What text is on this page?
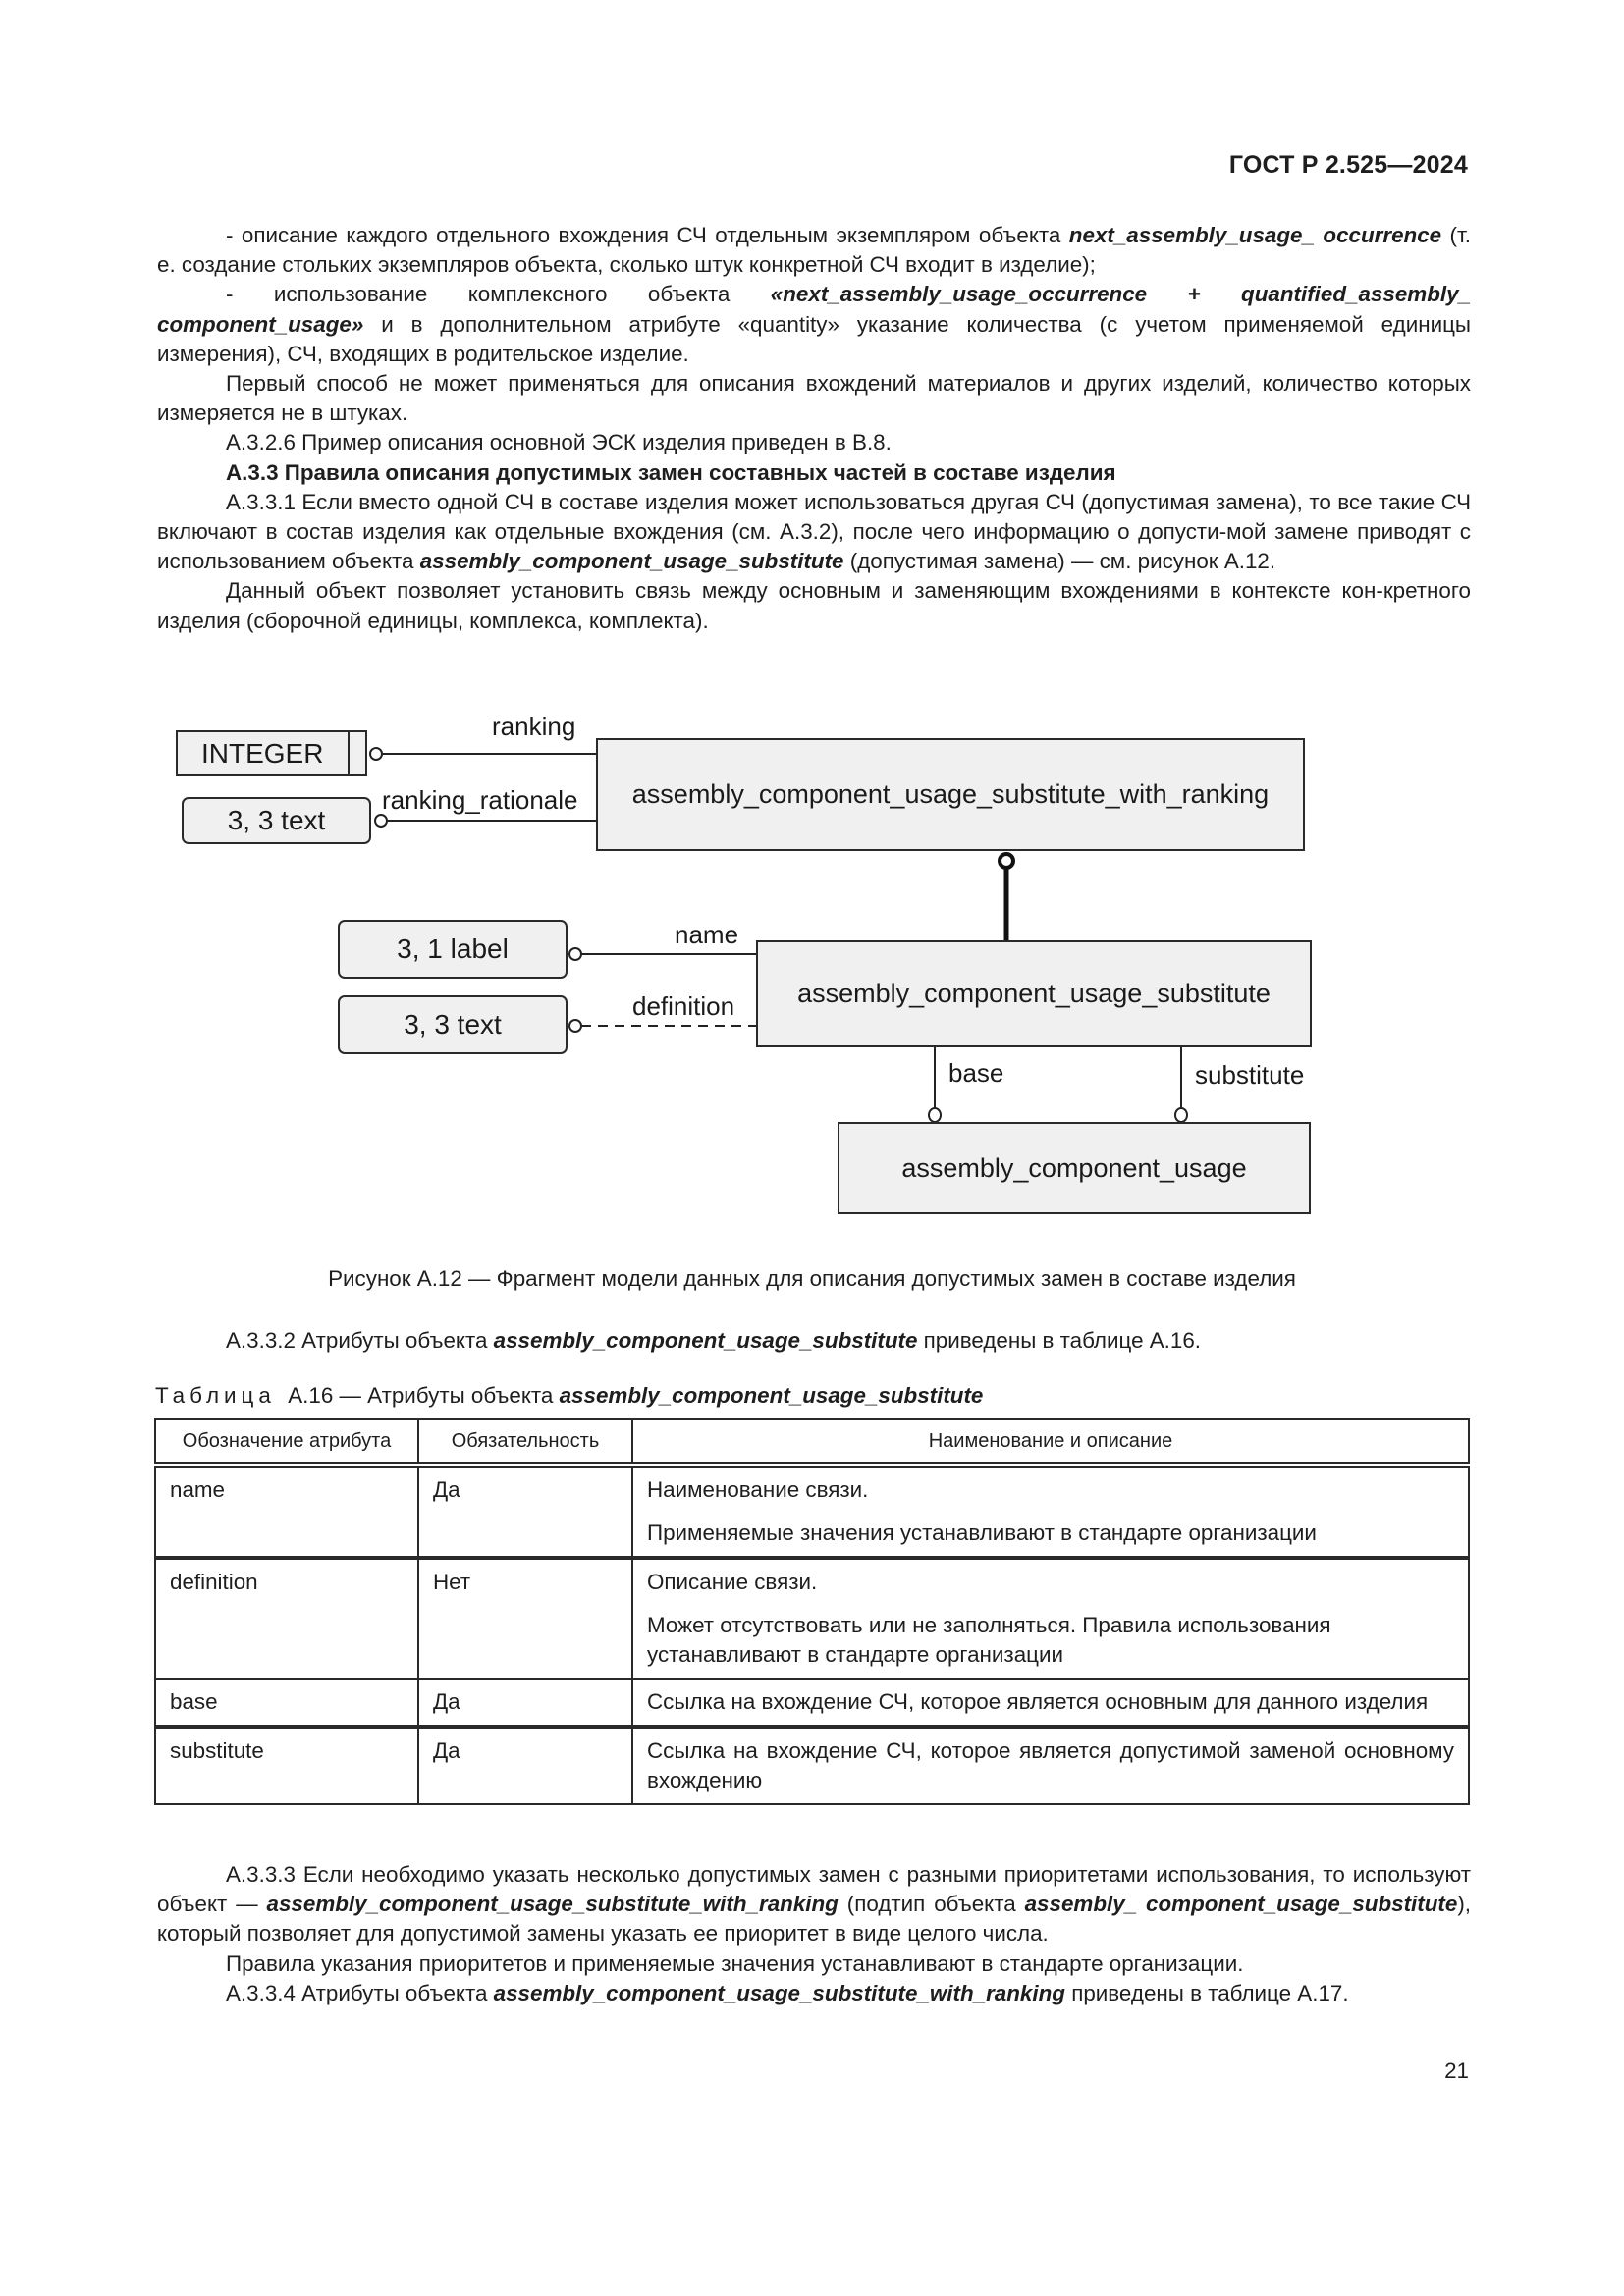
ГОСТ Р 2.525—2024

- описание каждого отдельного вхождения СЧ отдельным экземпляром объекта next_assembly_usage_ occurrence (т. е. создание стольких экземпляров объекта, сколько штук конкретной СЧ входит в изделие);

- использование комплексного объекта «next_assembly_usage_occurrence + quantified_assembly_ component_usage» и в дополнительном атрибуте «quantity» указание количества (с учетом применяемой единицы измерения), СЧ, входящих в родительское изделие.

Первый способ не может применяться для описания вхождений материалов и других изделий, количество которых измеряется не в штуках.

А.3.2.6 Пример описания основной ЭСК изделия приведен в В.8.

А.3.3 Правила описания допустимых замен составных частей в составе изделия

А.3.3.1 Если вместо одной СЧ в составе изделия может использоваться другая СЧ (допустимая замена), то все такие СЧ включают в состав изделия как отдельные вхождения (см. А.3.2), после чего информацию о допусти-мой замене приводят с использованием объекта assembly_component_usage_substitute (допустимая замена) — см. рисунок А.12.

Данный объект позволяет установить связь между основным и заменяющим вхождениями в контексте кон-кретного изделия (сборочной единицы, комплекса, комплекта).

INTEGER
3, 3 text
ranking
ranking_rationale assembly_component_usage_substitute_with_ranking
3, 1 label
3, 3 text
name
definition assembly_component_usage_substitute
base	substitute
assembly_component_usage
Рисунок А.12 — Фрагмент модели данных для описания допустимых замен в составе изделия
А.3.3.2 Атрибуты объекта assembly_component_usage_substitute приведены в таблице А.16.
Таблица  А.16 — Атрибуты объекта assembly_component_usage_substitute
Обозначение атрибута	Обязательность	Наименование и описание
name	Да	Наименование связи.
Применяемые значения устанавливают в стандарте организации

definition	Нет	Описание связи.
Может отсутствовать или не заполняться. Правила использования устанавливают в стандарте организации

base	Да	Ссылка на вхождение СЧ, которое является основным для данного изделия
substitute	Да	Ссылка на вхождение СЧ, которое является допустимой заменой основному вхождению

А.3.3.3 Если необходимо указать несколько допустимых замен с разными приоритетами использования, то используют объект — assembly_component_usage_substitute_with_ranking (подтип объекта assembly_ component_usage_substitute), который позволяет для допустимой замены указать ее приоритет в виде целого числа.

Правила указания приоритетов и применяемые значения устанавливают в стандарте организации.

А.3.3.4 Атрибуты объекта assembly_component_usage_substitute_with_ranking приведены в таблице А.17.

21
